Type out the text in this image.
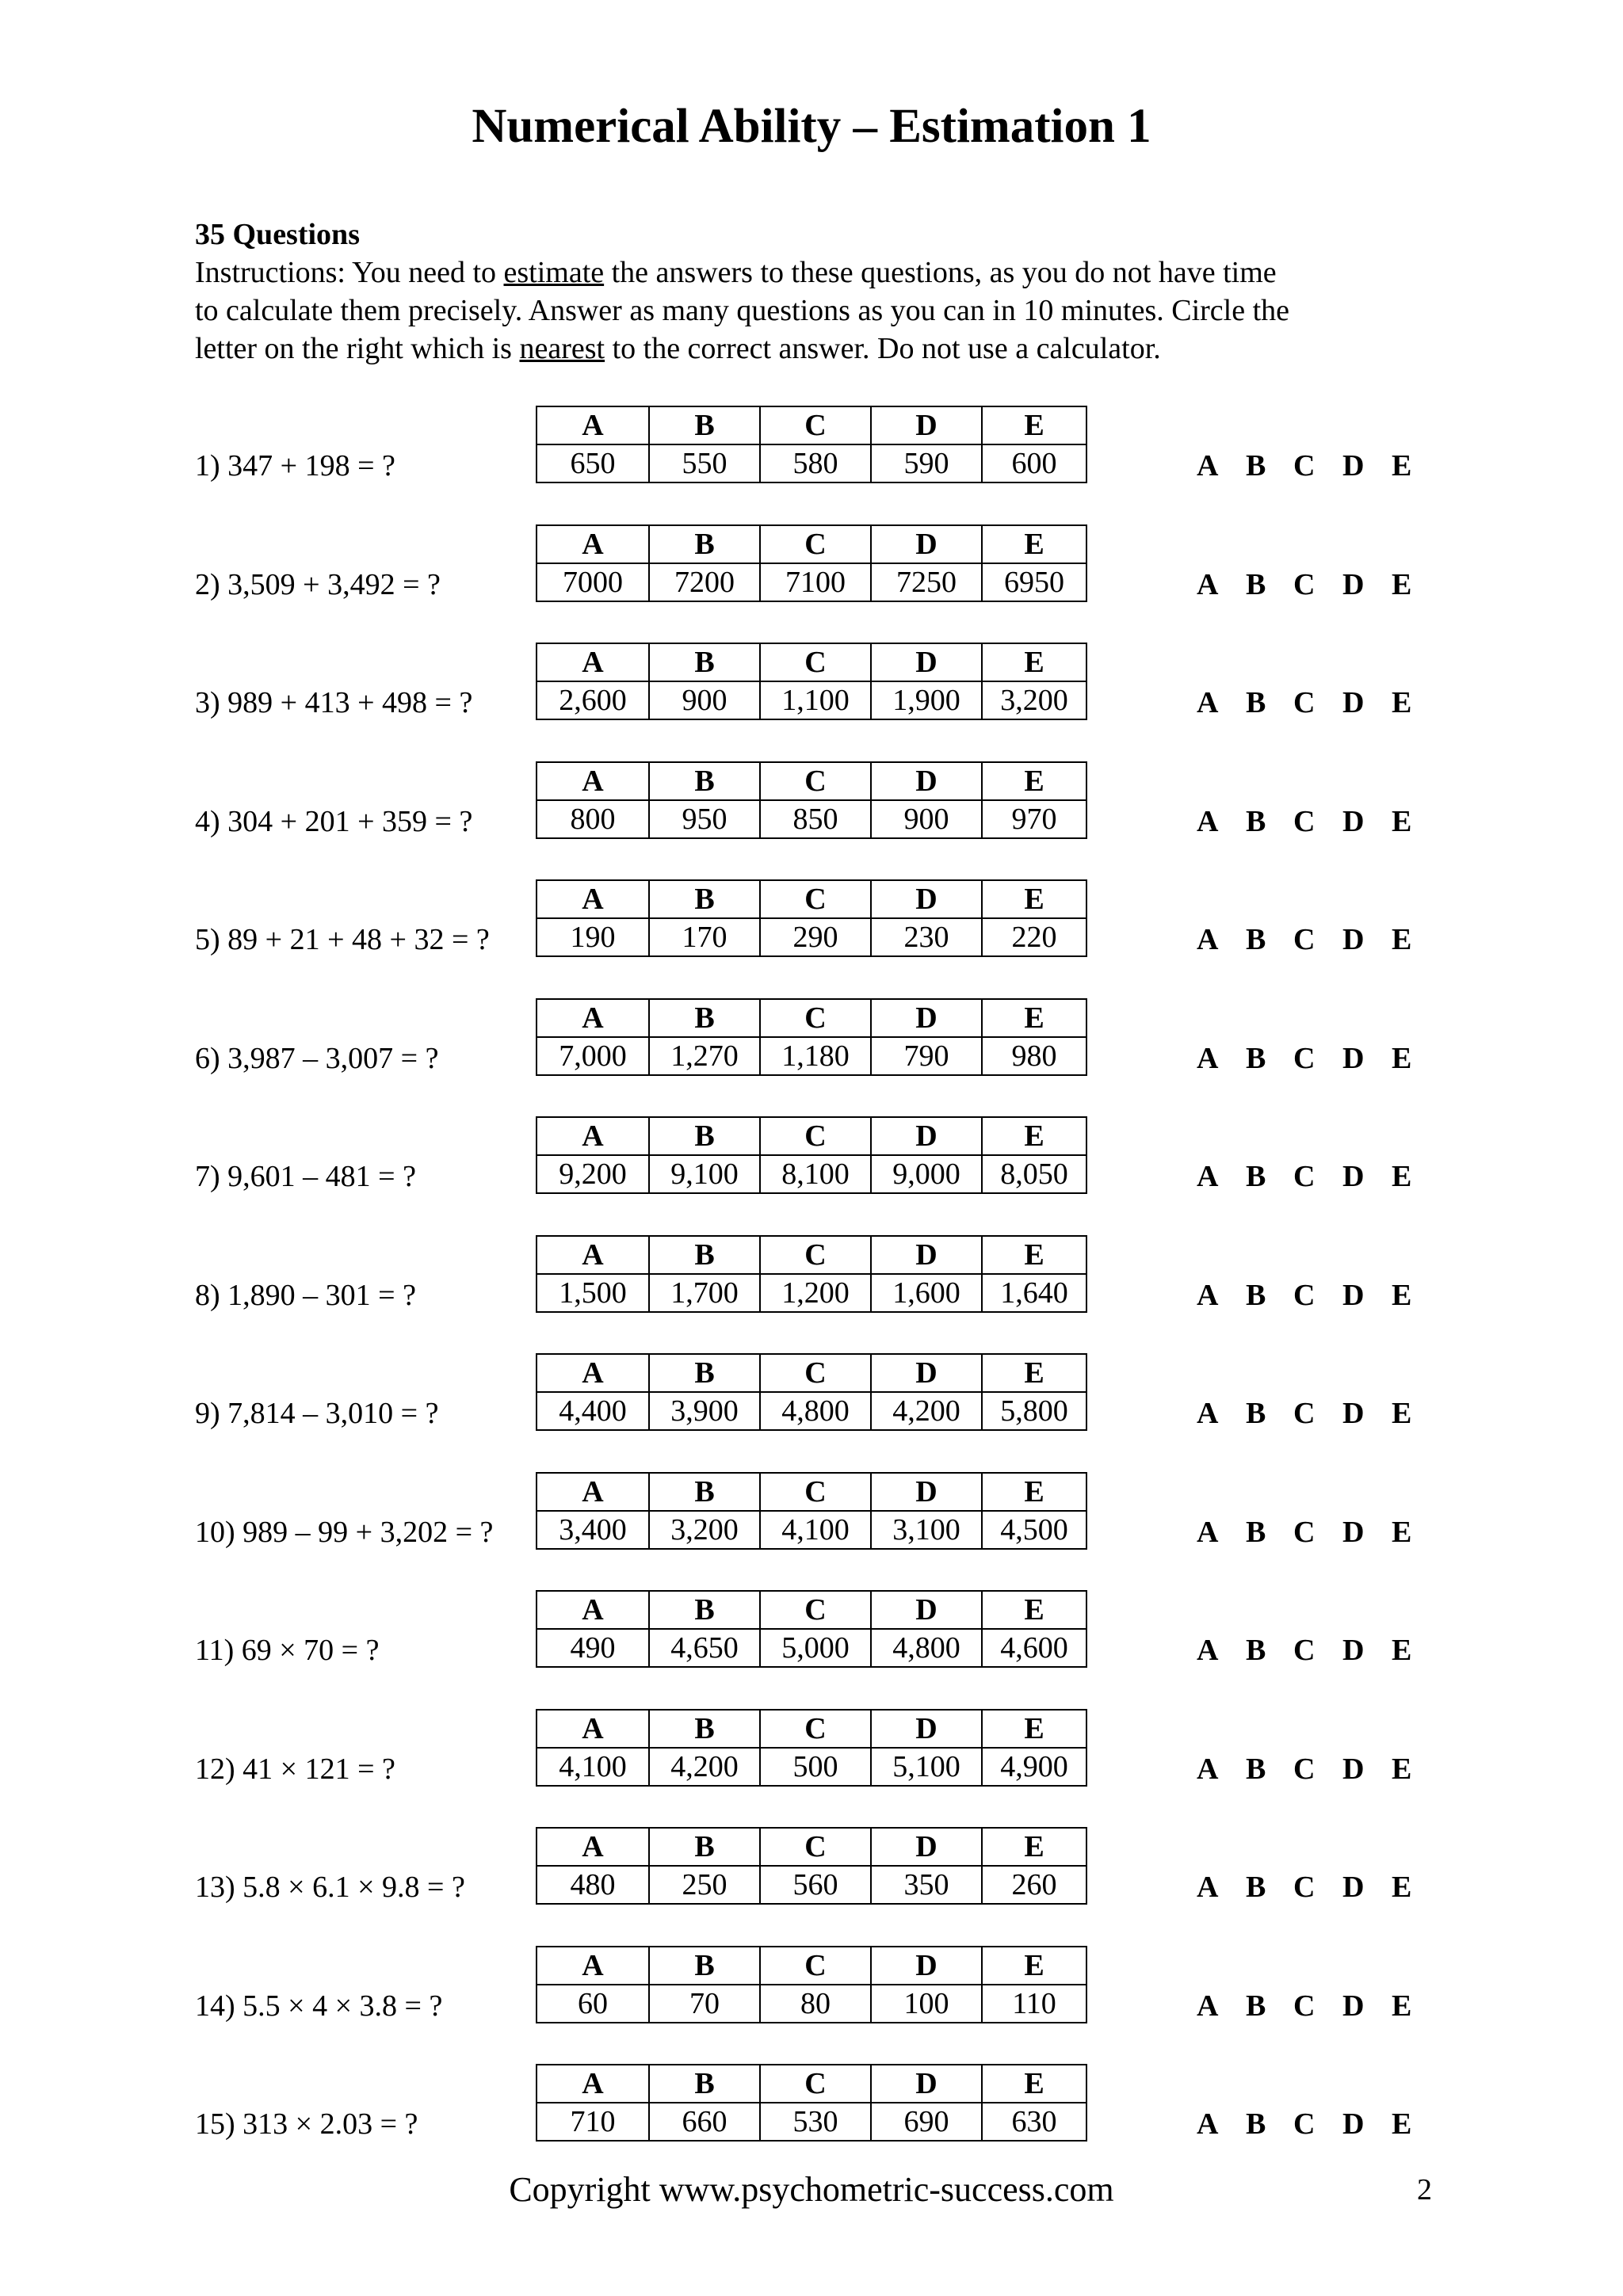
Numerical Ability – Estimation 1
35 Questions
Instructions: You need to estimate the answers to these questions, as you do not have time
to calculate them precisely. Answer as many questions as you can in 10 minutes. Circle the
letter on the right which is nearest to the correct answer. Do not use a calculator.
1) 347 + 198 = ?
A	B	C	D	E
650	550	580	590	600	A B C D E
2) 3,509 + 3,492 = ?
A	B	C	D	E
7000	7200	7100	7250	6950	A B C D E
3) 989 + 413 + 498 = ?
A	B	C	D	E
2,600	900	1,100	1,900	3,200	A B C D E
4) 304 + 201 + 359 = ?
A	B	C	D	E
800	950	850	900	970	A B C D E
5) 89 + 21 + 48 + 32 = ?
A	B	C	D	E
190	170	290	230	220	A B C D E
6) 3,987 – 3,007 = ?
A	B	C	D	E
7,000	1,270	1,180	790	980	A B C D E
7) 9,601 – 481 = ?
A	B	C	D	E
9,200	9,100	8,100	9,000	8,050	A B C D E
8) 1,890 – 301 = ?
A	B	C	D	E
1,500	1,700	1,200	1,600	1,640	A B C D E
9) 7,814 – 3,010 = ?
A	B	C	D	E
4,400	3,900	4,800	4,200	5,800	A B C D E
10) 989 – 99 + 3,202 = ?
A	B	C	D	E
3,400	3,200	4,100	3,100	4,500	A B C D E
11) 69 × 70 = ?
A	B	C	D	E
490	4,650	5,000	4,800	4,600	A B C D E
12) 41 × 121 = ?
A	B	C	D	E
4,100	4,200	500	5,100	4,900	A B C D E
13) 5.8 × 6.1 × 9.8 = ?
A	B	C	D	E
480	250	560	350	260	A B C D E
14) 5.5 × 4 × 3.8 = ?
A	B	C	D	E
60	70	80	100	110	A B C D E
15) 313 × 2.03 = ?
A	B	C	D	E
710	660	530	690	630	A B C D E
Copyright www.psychometric-success.com	2
